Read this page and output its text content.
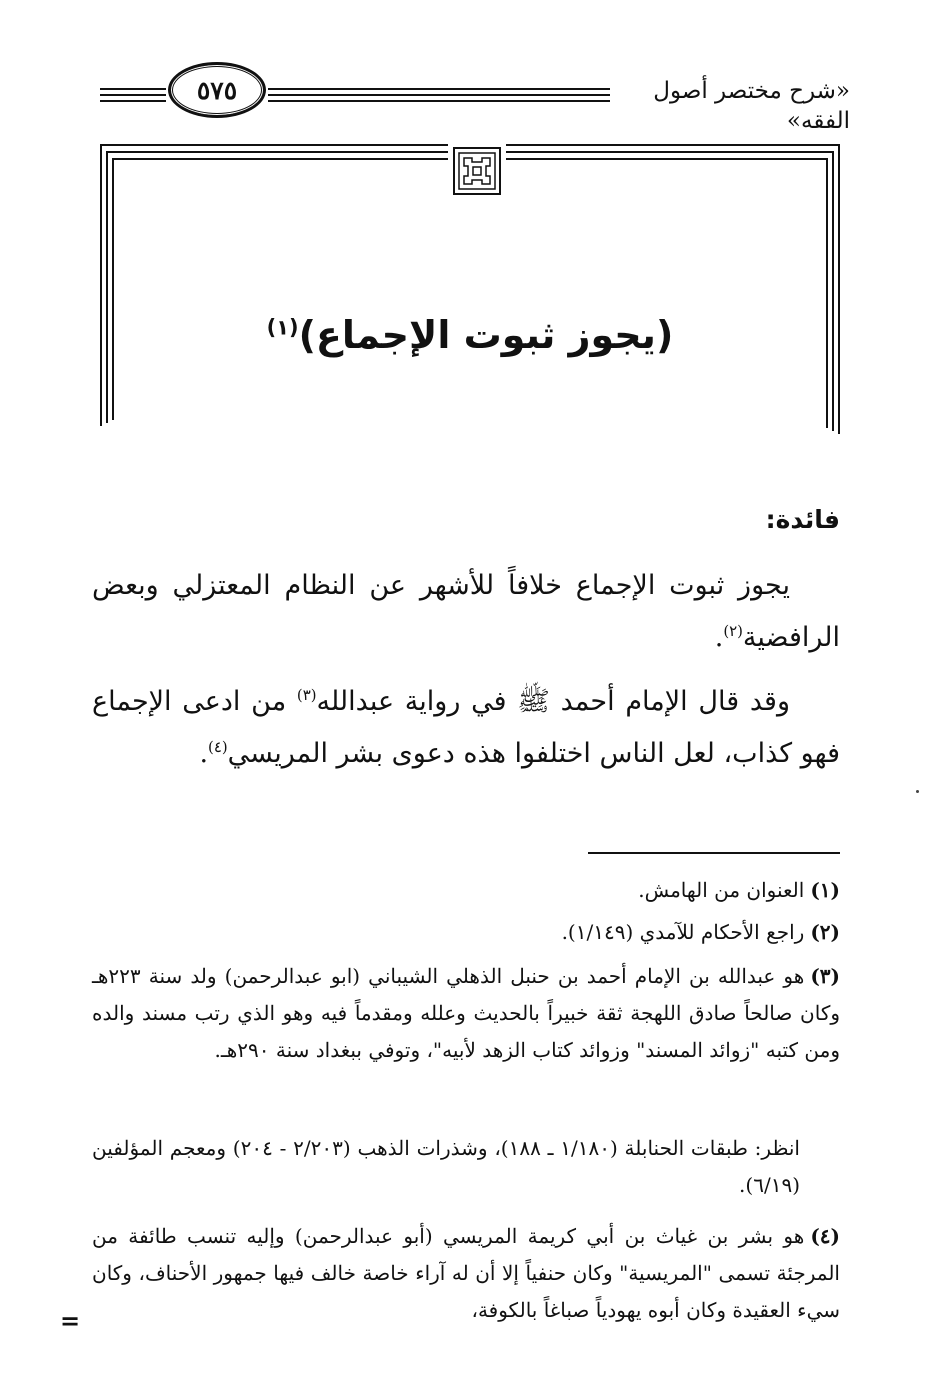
«شرح مختصر أصول الفقه»
٥٧٥
(يجوز ثبوت الإجماع)$^{(١)}$
فائدة:
يجوز ثبوت الإجماع خلافاً للأشهر عن النظام المعتزلي وبعض الرافضية$^{(٢)}$.
وقد قال الإمام أحمد ﷺ في رواية عبدالله$^{(٣)}$ من ادعى الإجماع فهو كذاب، لعل الناس اختلفوا هذه دعوى بشر المريسي$^{(٤)}$.
(١)العنوان من الهامش.
(٢)راجع الأحكام للآمدي (١/١٤٩).
(٣)هو عبدالله بن الإمام أحمد بن حنبل الذهلي الشيباني (ابو عبدالرحمن) ولد سنة ٢٢٣هـ وكان صالحاً صادق اللهجة ثقة خبيراً بالحديث وعلله ومقدماً فيه وهو الذي رتب مسند والده ومن كتبه "زوائد المسند" وزوائد كتاب الزهد لأبيه"، وتوفي ببغداد سنة ٢٩٠هـ.
انظر: طبقات الحنابلة (١/١٨٠ ـ ١٨٨)، وشذرات الذهب (٢/٢٠٣ - ٢٠٤) ومعجم المؤلفين (٦/١٩).
(٤)هو بشر بن غياث بن أبي كريمة المريسي (أبو عبدالرحمن) وإليه تنسب طائفة من المرجئة تسمى "المريسية" وكان حنفياً إلا أن له آراء خاصة خالف فيها جمهور الأحناف، وكان سيء العقيدة وكان أبوه يهودياً صباغاً بالكوفة،
=
